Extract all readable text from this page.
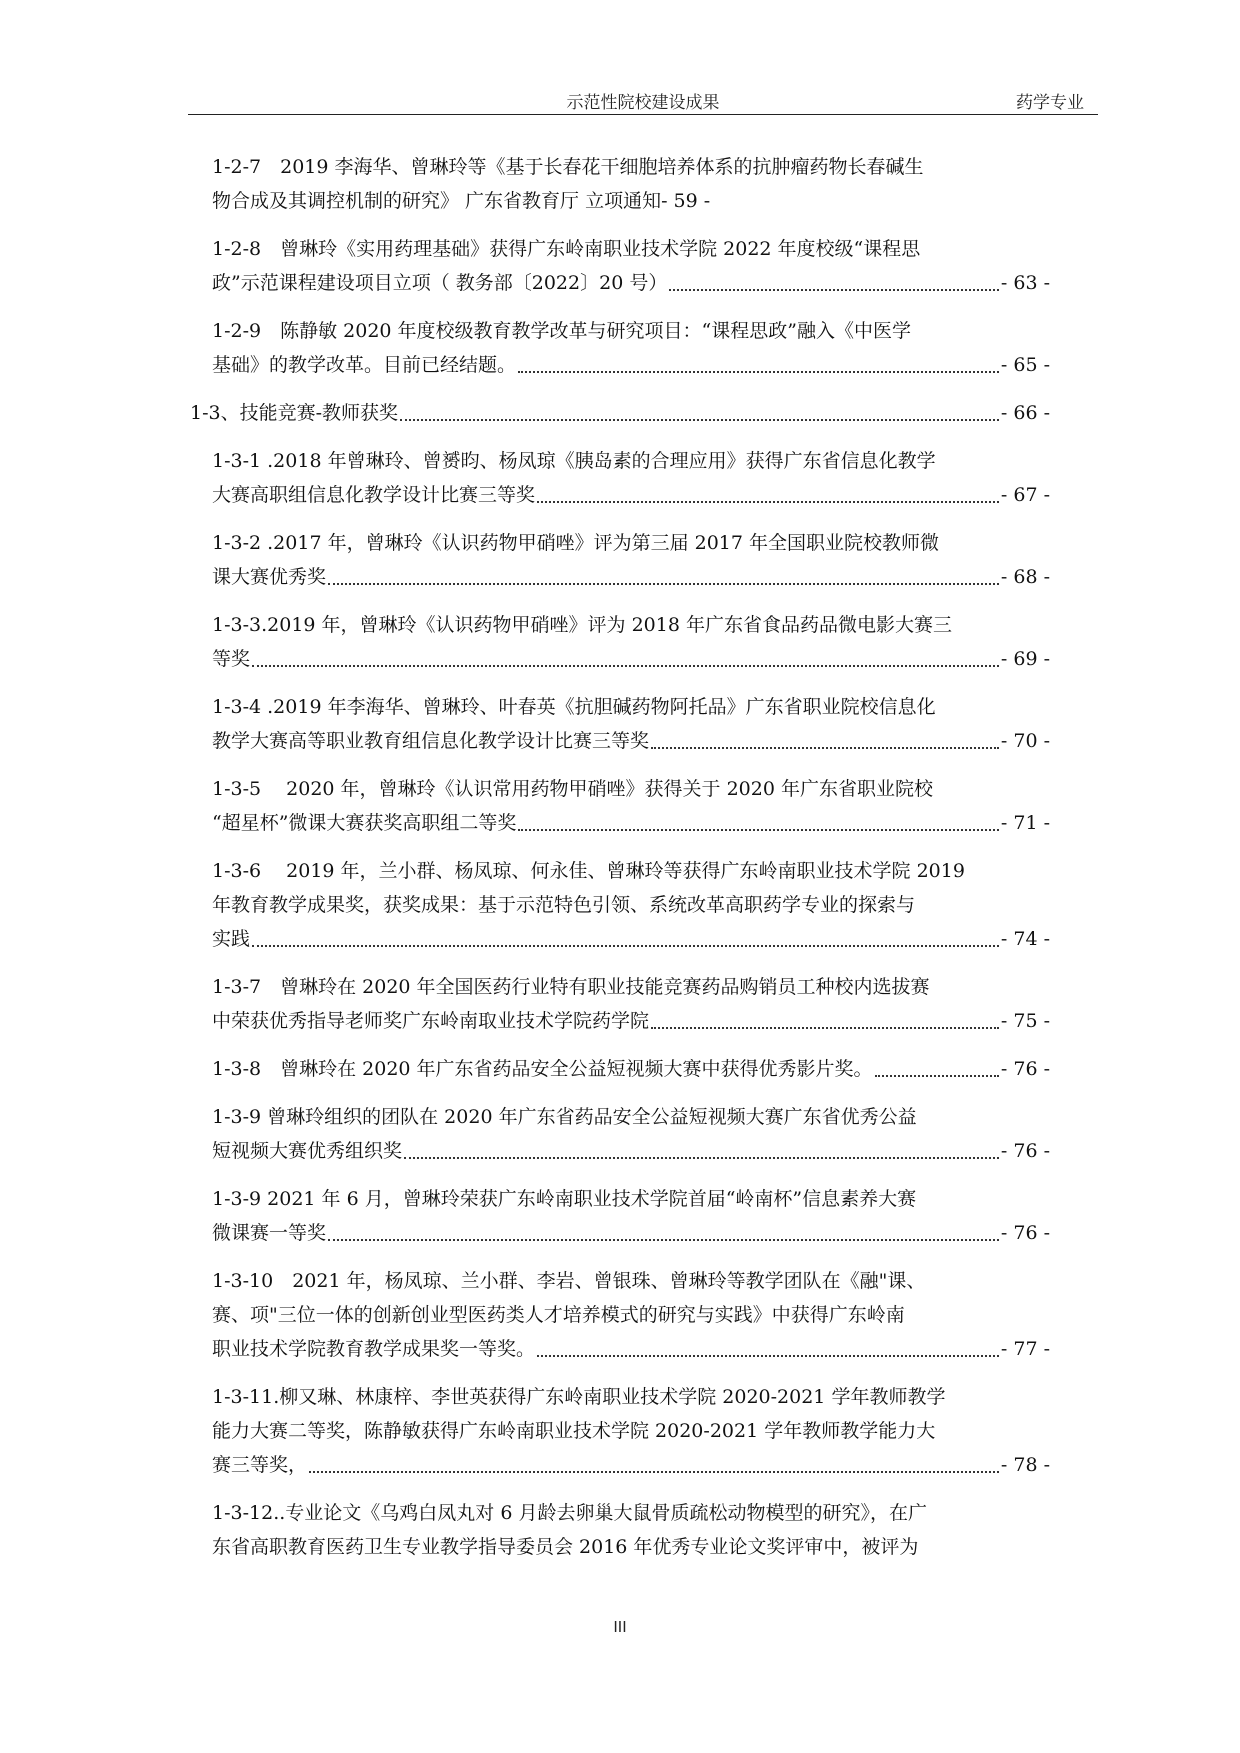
示范性院校建设成果	药学专业
1-2-7　2019 李海华、曾琳玲等《基于长春花干细胞培养体系的抗肿瘤药物长春碱生
物合成及其调控机制的研究》 广东省教育厅 立项通知- 59 -
1-2-8　曾琳玲《实用药理基础》获得广东岭南职业技术学院 2022 年度校级“课程思
政”示范课程建设项目立项（ 教务部〔2022〕20 号）	- 63 -
1-2-9　陈静敏 2020 年度校级教育教学改革与研究项目：“课程思政”融入《中医学
基础》的教学改革。目前已经结题。	- 65 -
1-3、技能竞赛-教师获奖	- 66 -
1-3-1 .2018 年曾琳玲、曾赟昀、杨凤琼《胰岛素的合理应用》获得广东省信息化教学
大赛高职组信息化教学设计比赛三等奖	- 67 -
1-3-2 .2017 年，曾琳玲《认识药物甲硝唑》评为第三届 2017 年全国职业院校教师微
课大赛优秀奖	- 68 -
1-3-3.2019 年，曾琳玲《认识药物甲硝唑》评为 2018 年广东省食品药品微电影大赛三
等奖	- 69 -
1-3-4 .2019 年李海华、曾琳玲、叶春英《抗胆碱药物阿托品》广东省职业院校信息化
教学大赛高等职业教育组信息化教学设计比赛三等奖	- 70 -
1-3-5　 2020 年，曾琳玲《认识常用药物甲硝唑》获得关于 2020 年广东省职业院校
“超星杯”微课大赛获奖高职组二等奖	- 71 -
1-3-6　 2019 年，兰小群、杨凤琼、何永佳、曾琳玲等获得广东岭南职业技术学院 2019
年教育教学成果奖，获奖成果：基于示范特色引领、系统改革高职药学专业的探索与
实践	- 74 -
1-3-7　曾琳玲在 2020 年全国医药行业特有职业技能竞赛药品购销员工种校内选拔赛
中荣获优秀指导老师奖广东岭南取业技术学院药学院	- 75 -
1-3-8　曾琳玲在 2020 年广东省药品安全公益短视频大赛中获得优秀影片奖。	- 76 -
1-3-9 曾琳玲组织的团队在 2020 年广东省药品安全公益短视频大赛广东省优秀公益
短视频大赛优秀组织奖	- 76 -
1-3-9 2021 年 6 月，曾琳玲荣获广东岭南职业技术学院首届“岭南杯”信息素养大赛
微课赛一等奖	- 76 -
1-3-10　2021 年，杨凤琼、兰小群、李岩、曾银珠、曾琳玲等教学团队在《融"课、
赛、项"三位一体的创新创业型医药类人才培养模式的研究与实践》中获得广东岭南
职业技术学院教育教学成果奖一等奖。	- 77 -
1-3-11.柳又琳、林康梓、李世英获得广东岭南职业技术学院 2020-2021 学年教师教学
能力大赛二等奖，陈静敏获得广东岭南职业技术学院 2020-2021 学年教师教学能力大
赛三等奖，	- 78 -
1-3-12..专业论文《乌鸡白凤丸对 6 月龄去卵巢大鼠骨质疏松动物模型的研究》，在广
东省高职教育医药卫生专业教学指导委员会 2016 年优秀专业论文奖评审中，被评为
III
